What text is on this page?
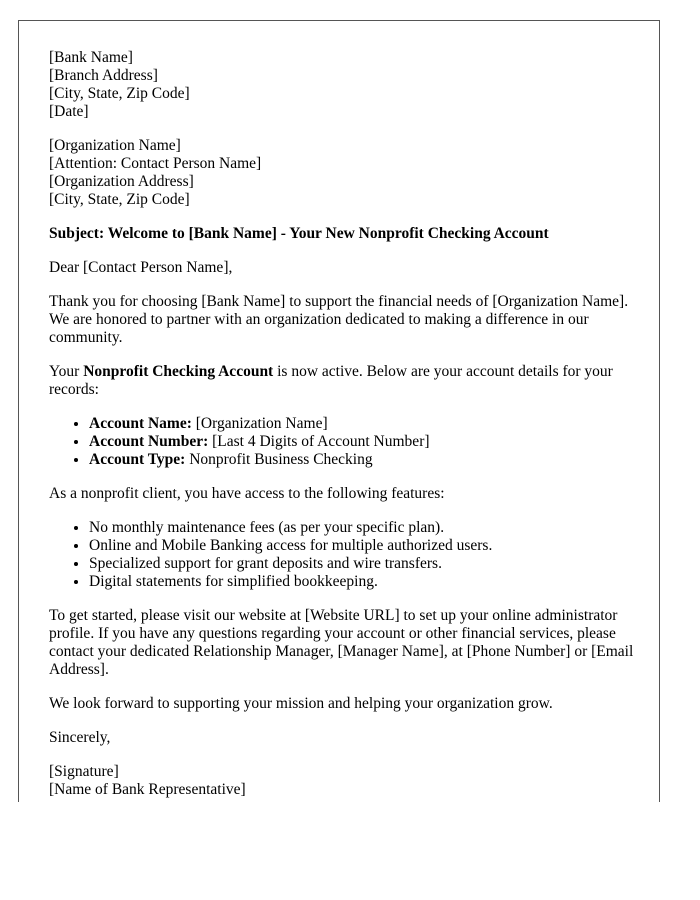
[Bank Name]
[Branch Address]
[City, State, Zip Code]
[Date]
[Organization Name]
[Attention: Contact Person Name]
[Organization Address]
[City, State, Zip Code]

Subject: Welcome to [Bank Name] - Your New Nonprofit Checking Account

Dear [Contact Person Name],

Thank you for choosing [Bank Name] to support the financial needs of [Organization Name]. We are honored to partner with an organization dedicated to making a difference in our community.

Your Nonprofit Checking Account is now active. Below are your account details for your records:

• Account Name: [Organization Name]
• Account Number: [Last 4 Digits of Account Number]
• Account Type: Nonprofit Business Checking

As a nonprofit client, you have access to the following features:

• No monthly maintenance fees (as per your specific plan).
• Online and Mobile Banking access for multiple authorized users.
• Specialized support for grant deposits and wire transfers.
• Digital statements for simplified bookkeeping.

To get started, please visit our website at [Website URL] to set up your online administrator profile. If you have any questions regarding your account or other financial services, please contact your dedicated Relationship Manager, [Manager Name], at [Phone Number] or [Email Address].

We look forward to supporting your mission and helping your organization grow.

Sincerely,

[Signature]
[Name of Bank Representative]
